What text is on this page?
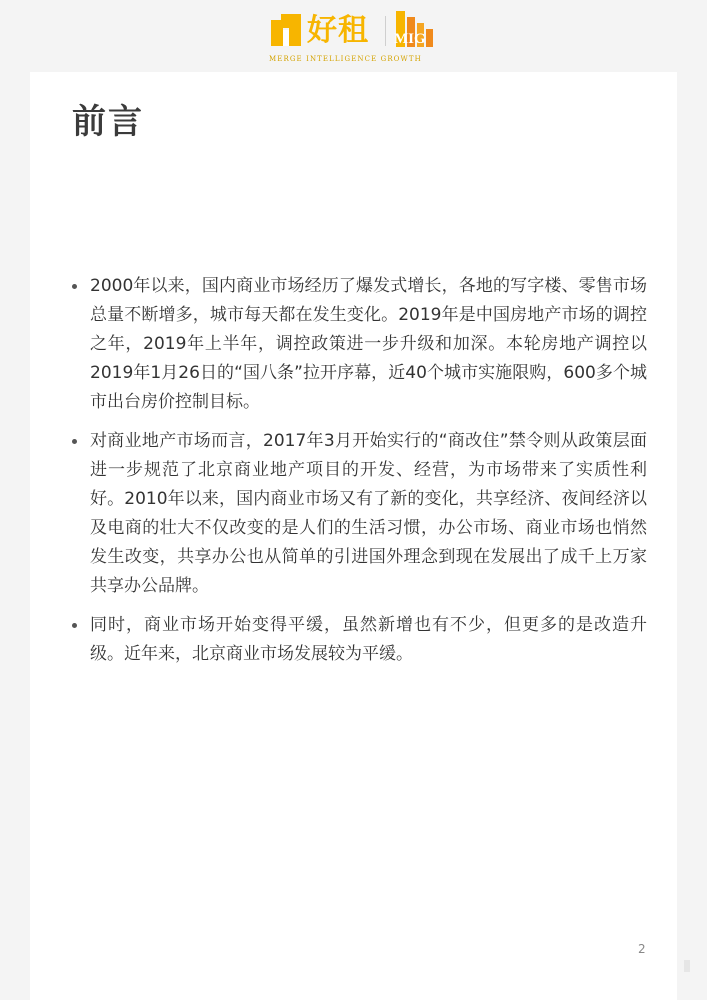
好租 MIG
MERGE INTELLIGENCE GROWTH
前言
2000年以来，国内商业市场经历了爆发式增长，各地的写字楼、零售市场总量不断增多，城市每天都在发生变化。2019年是中国房地产市场的调控之年，2019年上半年，调控政策进一步升级和加深。本轮房地产调控以2019年1月26日的“国八条”拉开序幕，近40个城市实施限购，600多个城市出台房价控制目标。
对商业地产市场而言，2017年3月开始实行的“商改住”禁令则从政策层面进一步规范了北京商业地产项目的开发、经营，为市场带来了实质性利好。2010年以来，国内商业市场又有了新的变化，共享经济、夜间经济以及电商的壮大不仅改变的是人们的生活习惯，办公市场、商业市场也悄然发生改变，共享办公也从简单的引进国外理念到现在发展出了成千上万家共享办公品牌。
同时，商业市场开始变得平缓，虽然新增也有不少，但更多的是改造升级。近年来，北京商业市场发展较为平缓。
2
